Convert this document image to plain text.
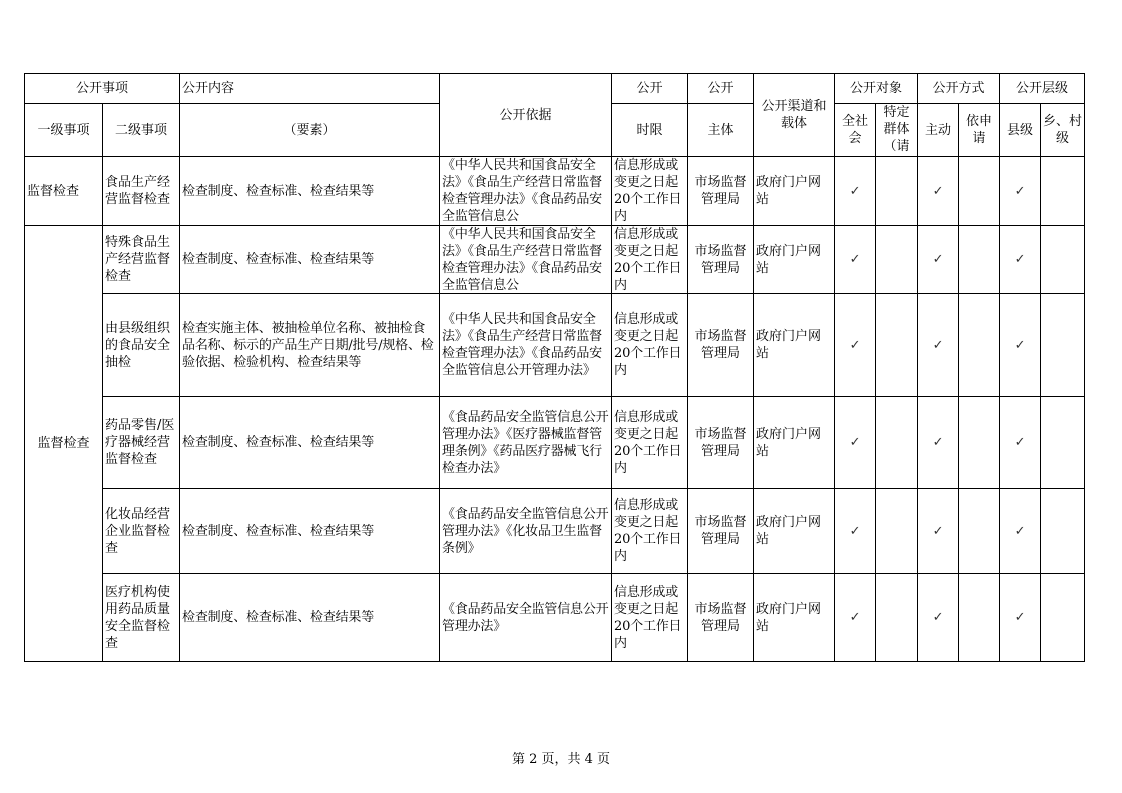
公开事项		公开内容	公开依据	公开	公开	公开渠道和载体	公开对象		公开方式		公开层级	
一级事项	二级事项	（要素）		时限	主体		全社会	特定群体（请	主动	依申请	县级	乡、村级
监督检查	食品生产经营监督检查	检查制度、检查标准、检查结果等	《中华人民共和国食品安全法》《食品生产经营日常监督检查管理办法》《食品药品安全监管信息公	信息形成或变更之日起20个工作日内	市场监督管理局	政府门户网站	✓		✓		✓	
监督检查	特殊食品生产经营监督检查	检查制度、检查标准、检查结果等	《中华人民共和国食品安全法》《食品生产经营日常监督检查管理办法》《食品药品安全监管信息公	信息形成或变更之日起20个工作日内	市场监督管理局	政府门户网站	✓		✓		✓	
	由县级组织的食品安全抽检	检查实施主体、被抽检单位名称、被抽检食品名称、标示的产品生产日期/批号/规格、检验依据、检验机构、检查结果等	《中华人民共和国食品安全法》《食品生产经营日常监督检查管理办法》《食品药品安全监管信息公开管理办法》	信息形成或变更之日起20个工作日内	市场监督管理局	政府门户网站	✓		✓		✓	
	药品零售/医疗器械经营监督检查	检查制度、检查标准、检查结果等	《食品药品安全监管信息公开管理办法》《医疗器械监督管理条例》《药品医疗器械飞行检查办法》	信息形成或变更之日起20个工作日内	市场监督管理局	政府门户网站	✓		✓		✓	
	化妆品经营企业监督检查	检查制度、检查标准、检查结果等	《食品药品安全监管信息公开管理办法》《化妆品卫生监督条例》	信息形成或变更之日起20个工作日内	市场监督管理局	政府门户网站	✓		✓		✓	
	医疗机构使用药品质量安全监督检查	检查制度、检查标准、检查结果等	《食品药品安全监管信息公开管理办法》	信息形成或变更之日起20个工作日内	市场监督管理局	政府门户网站	✓		✓		✓	
第 2 页，共 4 页
